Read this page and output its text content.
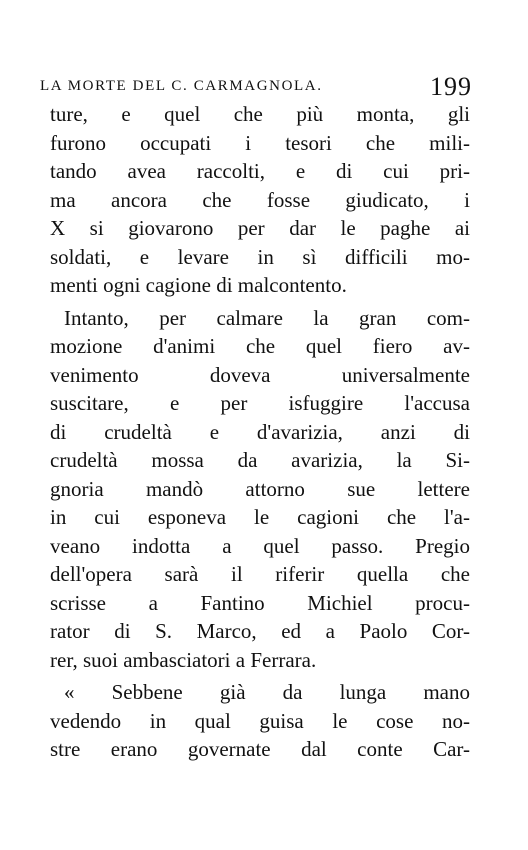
LA MORTE DEL C. CARMAGNOLA.	199
ture, e quel che più monta, gli
furono occupati i tesori che mili-
tando avea raccolti, e di cui pri-
ma ancora che fosse giudicato, i
X si giovarono per dar le paghe ai
soldati, e levare in sì difficili mo-
menti ogni cagione di malcontento.
Intanto, per calmare la gran com-
mozione d'animi che quel fiero av-
venimento doveva universalmente
suscitare, e per isfuggire l'accusa
di crudeltà e d'avarizia, anzi di
crudeltà mossa da avarizia, la Si-
gnoria mandò attorno sue lettere
in cui esponeva le cagioni che l'a-
veano indotta a quel passo. Pregio
dell'opera sarà il riferir quella che
scrisse a Fantino Michiel procu-
rator di S. Marco, ed a Paolo Cor-
rer, suoi ambasciatori a Ferrara.
« Sebbene già da lunga mano
vedendo in qual guisa le cose no-
stre erano governate dal conte Car-
